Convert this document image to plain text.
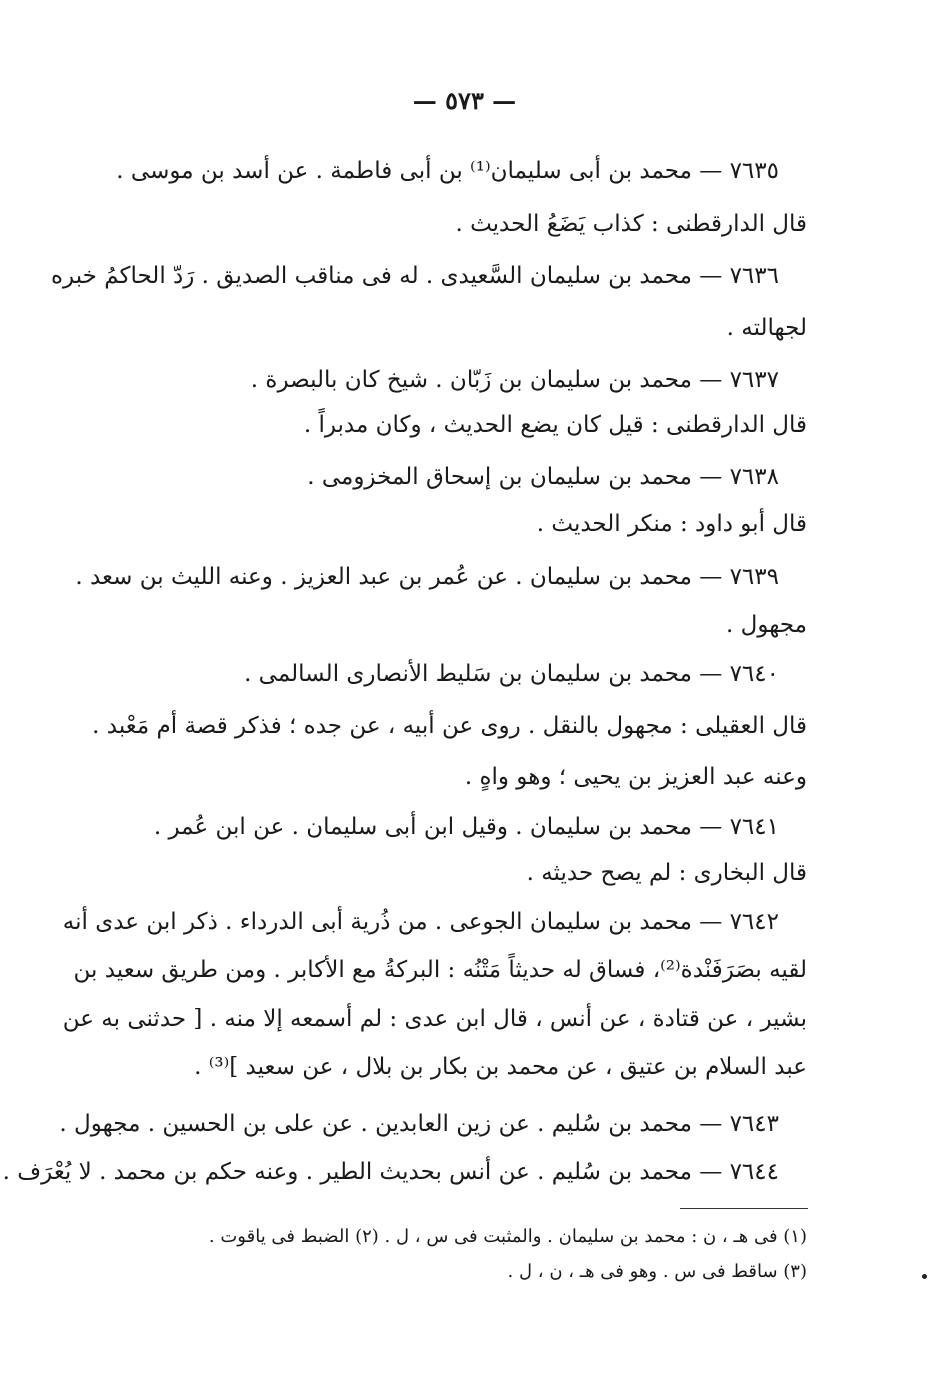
— ٥٧٣ —
٧٦٣٥ — محمد بن أبى سليمان⁽¹⁾ بن أبى فاطمة . عن أسد بن موسى .
قال الدارقطنى : كذاب يَضَعُ الحديث .
٧٦٣٦ — محمد بن سليمان السَّعيدى . له فى مناقب الصديق . رَدّ الحاكمُ خبره
لجهالته .
٧٦٣٧ — محمد بن سليمان بن زَبّان . شيخ كان بالبصرة .
قال الدارقطنى : قيل كان يضع الحديث ، وكان مدبراً .
٧٦٣٨ — محمد بن سليمان بن إسحاق المخزومى .
قال أبو داود : منكر الحديث .
٧٦٣٩ — محمد بن سليمان . عن عُمر بن عبد العزيز . وعنه الليث بن سعد .
مجهول .
٧٦٤٠ — محمد بن سليمان بن سَليط الأنصارى السالمى .
قال العقيلى : مجهول بالنقل . روى عن أبيه ، عن جده ؛ فذكر قصة أم مَعْبد .
وعنه عبد العزيز بن يحيى ؛ وهو واهٍ .
٧٦٤١ — محمد بن سليمان . وقيل ابن أبى سليمان . عن ابن عُمر .
قال البخارى : لم يصح حديثه .
٧٦٤٢ — محمد بن سليمان الجوعى . من ذُرية أبى الدرداء . ذكر ابن عدى أنه
لقيه بصَرَفَنْدة⁽²⁾، فساق له حديثاً مَتْنُه : البركةُ مع الأكابر . ومن طريق سعيد بن
بشير ، عن قتادة ، عن أنس ، قال ابن عدى : لم أسمعه إلا منه . [ حدثنى به عن
عبد السلام بن عتيق ، عن محمد بن بكار بن بلال ، عن سعيد ]⁽³⁾ .
٧٦٤٣ — محمد بن سُليم . عن زين العابدين . عن على بن الحسين . مجهول .
٧٦٤٤ — محمد بن سُليم . عن أنس بحديث الطير . وعنه حكم بن محمد . لا يُعْرَف .
(١) فى هـ ، ن : محمد بن سليمان . والمثبت فى س ، ل . (٢) الضبط فى ياقوت .
(٣) ساقط فى س . وهو فى هـ ، ن ، ل .
